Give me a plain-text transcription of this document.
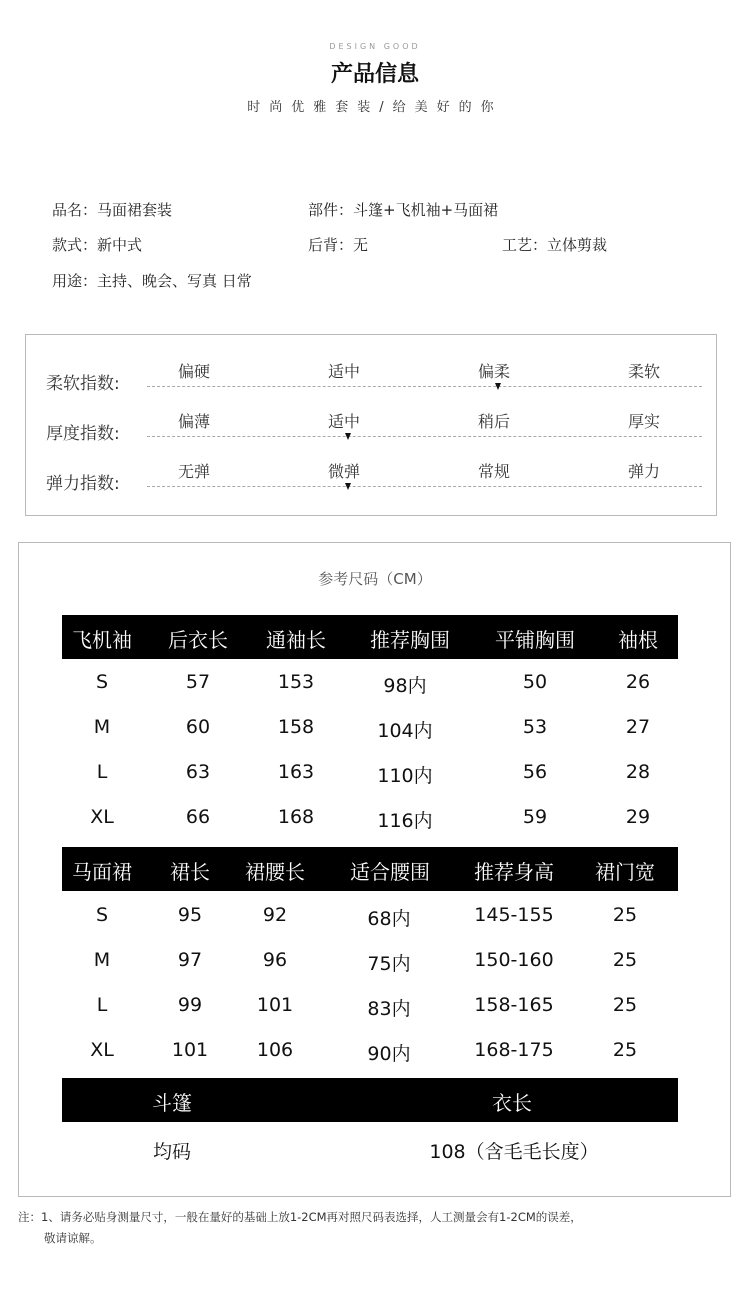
DESIGN GOOD
产品信息
时尚优雅套装/给美好的你
品名：马面裙套装	部件：斗篷+飞机袖+马面裙
款式：新中式	后背：无	工艺：立体剪裁
用途：主持、晚会、写真 日常
柔软指数:
偏硬	适中	偏柔	柔软
厚度指数:
偏薄	适中	稍后	厚实
弹力指数:
无弹	微弹	常规	弹力
参考尺码（CM）
飞机袖	后衣长	通袖长	推荐胸围	平铺胸围	袖根
S	57	153	98内	50	26
M	60	158	104内	53	27
L	63	163	110内	56	28
XL	66	168	116内	59	29
马面裙	裙长	裙腰长	适合腰围	推荐身高	裙门宽
S	95	92	68内	145-155	25
M	97	96	75内	150-160	25
L	99	101	83内	158-165	25
XL	101	106	90内	168-175	25
斗篷	衣长
均码	108（含毛毛长度）
注：1、请务必贴身测量尺寸，一般在量好的基础上放1-2CM再对照尺码表选择，人工测量会有1-2CM的误差，
敬请谅解。
